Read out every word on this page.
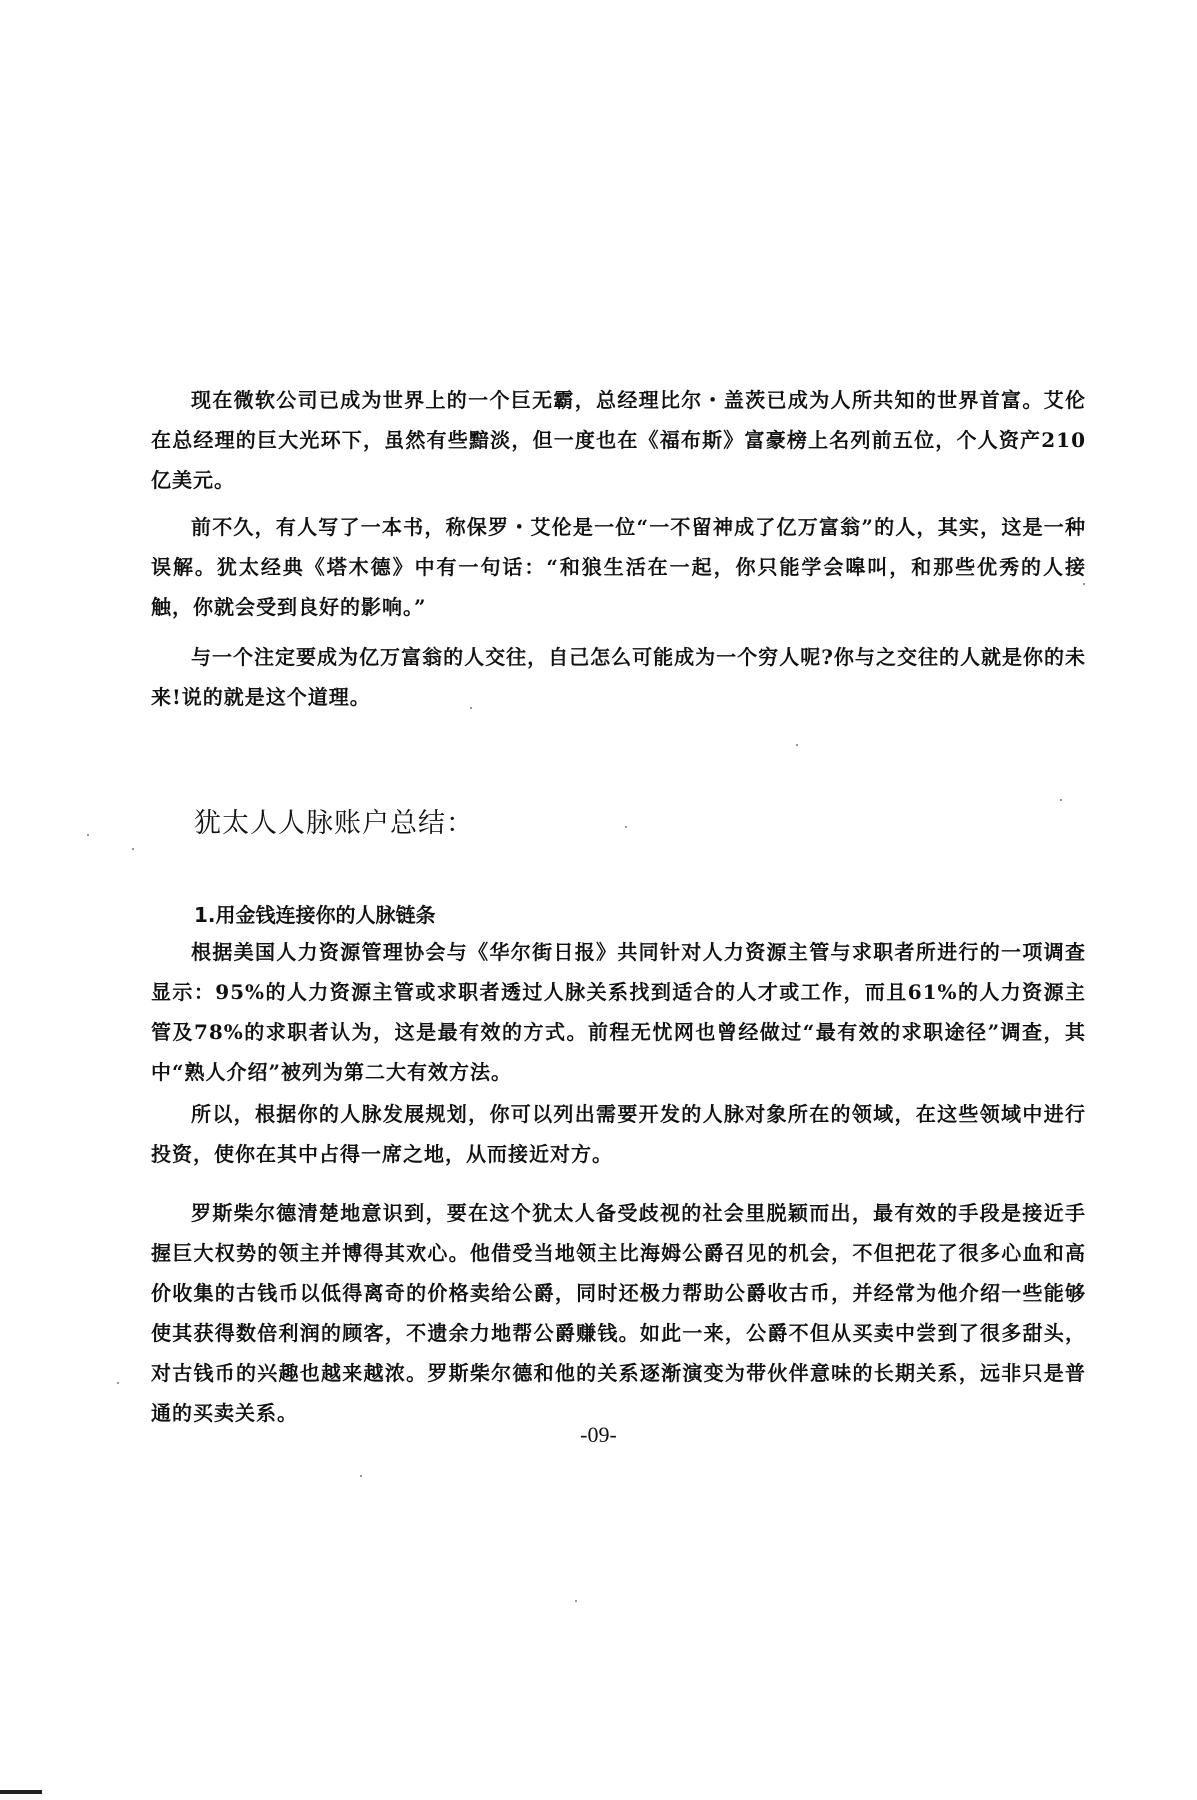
现在微软公司已成为世界上的一个巨无霸，总经理比尔・盖茨已成为人所共知的世界首富。艾伦在总经理的巨大光环下，虽然有些黯淡，但一度也在《福布斯》富豪榜上名列前五位，个人资产210亿美元。

前不久，有人写了一本书，称保罗・艾伦是一位“一不留神成了亿万富翁”的人，其实，这是一种误解。犹太经典《塔木德》中有一句话：“和狼生活在一起，你只能学会嗥叫，和那些优秀的人接触，你就会受到良好的影响。”

与一个注定要成为亿万富翁的人交往，自己怎么可能成为一个穷人呢?你与之交往的人就是你的未来!说的就是这个道理。

犹太人人脉账户总结：
1.用金钱连接你的人脉链条

根据美国人力资源管理协会与《华尔街日报》共同针对人力资源主管与求职者所进行的一项调查显示：95%的人力资源主管或求职者透过人脉关系找到适合的人才或工作，而且61%的人力资源主管及78%的求职者认为，这是最有效的方式。前程无忧网也曾经做过“最有效的求职途径”调查，其中“熟人介绍”被列为第二大有效方法。

所以，根据你的人脉发展规划，你可以列出需要开发的人脉对象所在的领域，在这些领域中进行投资，使你在其中占得一席之地，从而接近对方。

罗斯柴尔德清楚地意识到，要在这个犹太人备受歧视的社会里脱颖而出，最有效的手段是接近手握巨大权势的领主并博得其欢心。他借受当地领主比海姆公爵召见的机会，不但把花了很多心血和高价收集的古钱币以低得离奇的价格卖给公爵，同时还极力帮助公爵收古币，并经常为他介绍一些能够使其获得数倍利润的顾客，不遗余力地帮公爵赚钱。如此一来，公爵不但从买卖中尝到了很多甜头，对古钱币的兴趣也越来越浓。罗斯柴尔德和他的关系逐渐演变为带伙伴意味的长期关系，远非只是普通的买卖关系。

-09-
